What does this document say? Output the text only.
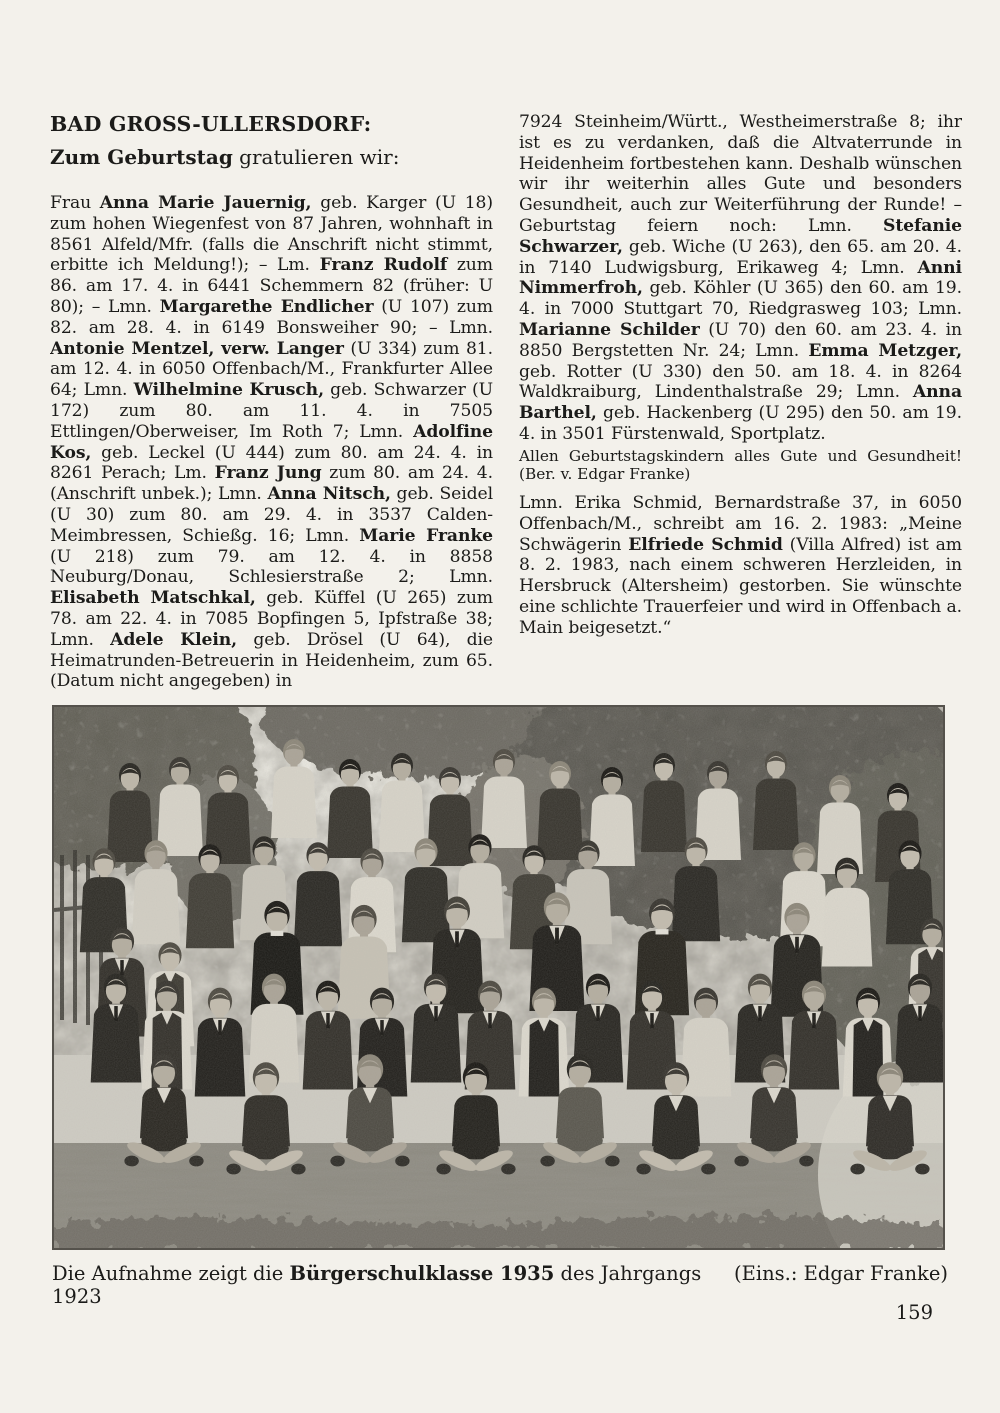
BAD GROSS-ULLERSDORF:

Zum Geburtstag gratulieren wir:

Frau Anna Marie Jauernig, geb. Karger (U 18) zum hohen Wiegenfest von 87 Jahren, wohnhaft in 8561 Alfeld/Mfr. (falls die Anschrift nicht stimmt, erbitte ich Meldung!); – Lm. Franz Rudolf zum 86. am 17. 4. in 6441 Schemmern 82 (früher: U 80); – Lmn. Margarethe Endlicher (U 107) zum 82. am 28. 4. in 6149 Bonsweiher 90; – Lmn. Antonie Mentzel, verw. Langer (U 334) zum 81. am 12. 4. in 6050 Offenbach/M., Frankfurter Allee 64; Lmn. Wilhelmine Krusch, geb. Schwarzer (U 172) zum 80. am 11. 4. in 7505 Ettlingen/Oberweiser, Im Roth 7; Lmn. Adolfine Kos, geb. Leckel (U 444) zum 80. am 24. 4. in 8261 Perach; Lm. Franz Jung zum 80. am 24. 4. (Anschrift unbek.); Lmn. Anna Nitsch, geb. Seidel (U 30) zum 80. am 29. 4. in 3537 Calden-Meimbressen, Schießg. 16; Lmn. Marie Franke (U 218) zum 79. am 12. 4. in 8858 Neuburg/Donau, Schlesierstraße 2; Lmn. Elisabeth Matschkal, geb. Küffel (U 265) zum 78. am 22. 4. in 7085 Bopfingen 5, Ipfstraße 38; Lmn. Adele Klein, geb. Drösel (U 64), die Heimatrunden-Betreuerin in Heidenheim, zum 65. (Datum nicht angegeben) in

7924 Steinheim/Württ., Westheimerstraße 8; ihr ist es zu verdanken, daß die Altvaterrunde in Heidenheim fortbestehen kann. Deshalb wünschen wir ihr weiterhin alles Gute und besonders Gesundheit, auch zur Weiterführung der Runde! – Geburtstag feiern noch: Lmn. Stefanie Schwarzer, geb. Wiche (U 263), den 65. am 20. 4. in 7140 Ludwigsburg, Erikaweg 4; Lmn. Anni Nimmerfroh, geb. Köhler (U 365) den 60. am 19. 4. in 7000 Stuttgart 70, Riedgrasweg 103; Lmn. Marianne Schilder (U 70) den 60. am 23. 4. in 8850 Bergstetten Nr. 24; Lmn. Emma Metzger, geb. Rotter (U 330) den 50. am 18. 4. in 8264 Waldkraiburg, Lindenthalstraße 29; Lmn. Anna Barthel, geb. Hackenberg (U 295) den 50. am 19. 4. in 3501 Fürstenwald, Sportplatz.

Allen Geburtstagskindern alles Gute und Gesundheit! (Ber. v. Edgar Franke)

Lmn. Erika Schmid, Bernardstraße 37, in 6050 Offenbach/M., schreibt am 16. 2. 1983: „Meine Schwägerin Elfriede Schmid (Villa Alfred) ist am 8. 2. 1983, nach einem schweren Herzleiden, in Hersbruck (Altersheim) gestorben. Sie wünschte eine schlichte Trauerfeier und wird in Offenbach a. Main beigesetzt.“

Die Aufnahme zeigt die Bürgerschulklasse 1935 des Jahrgangs 1923
(Eins.: Edgar Franke)
159
